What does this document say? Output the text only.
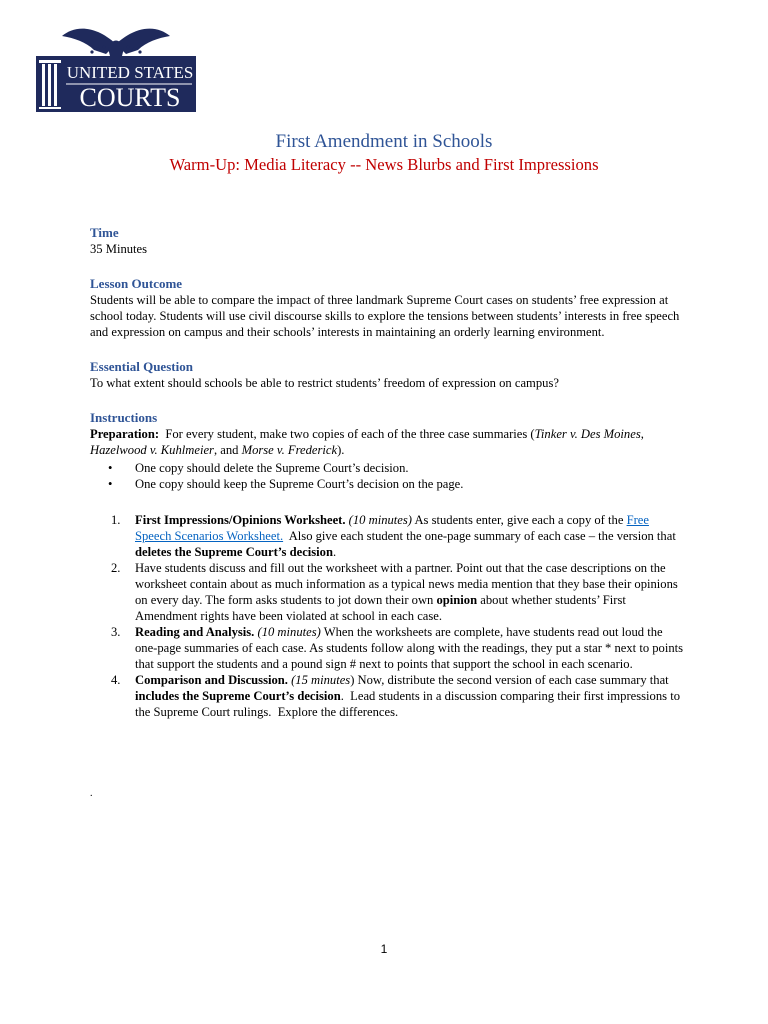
UNITED STATES
COURTS
First Amendment in Schools
Warm-Up: Media Literacy -- News Blurbs and First Impressions

Time

35 Minutes

Lesson Outcome

Students will be able to compare the impact of three landmark Supreme Court cases on students’ free expression at school today. Students will use civil discourse skills to explore the tensions between students’ interests in free speech and expression on campus and their schools’ interests in maintaining an orderly learning environment.

Essential Question

To what extent should schools be able to restrict students’ freedom of expression on campus?

Instructions

Preparation:  For every student, make two copies of each of the three case summaries (Tinker v. Des Moines, Hazelwood v. Kuhlmeier, and Morse v. Frederick).

• One copy should delete the Supreme Court’s decision.
• One copy should keep the Supreme Court’s decision on the page.
1. First Impressions/Opinions Worksheet. (10 minutes) As students enter, give each a copy of the Free Speech Scenarios Worksheet.  Also give each student the one-page summary of each case – the version that deletes the Supreme Court’s decision.
2. Have students discuss and fill out the worksheet with a partner. Point out that the case descriptions on the worksheet contain about as much information as a typical news media mention that they base their opinions on every day. The form asks students to jot down their own opinion about whether students’ First Amendment rights have been violated at school in each case.
3. Reading and Analysis. (10 minutes) When the worksheets are complete, have students read out loud the one-page summaries of each case. As students follow along with the readings, they put a star * next to points that support the students and a pound sign # next to points that support the school in each scenario.
4. Comparison and Discussion. (15 minutes) Now, distribute the second version of each case summary that includes the Supreme Court’s decision.  Lead students in a discussion comparing their first impressions to the Supreme Court rulings.  Explore the differences.
.
1
